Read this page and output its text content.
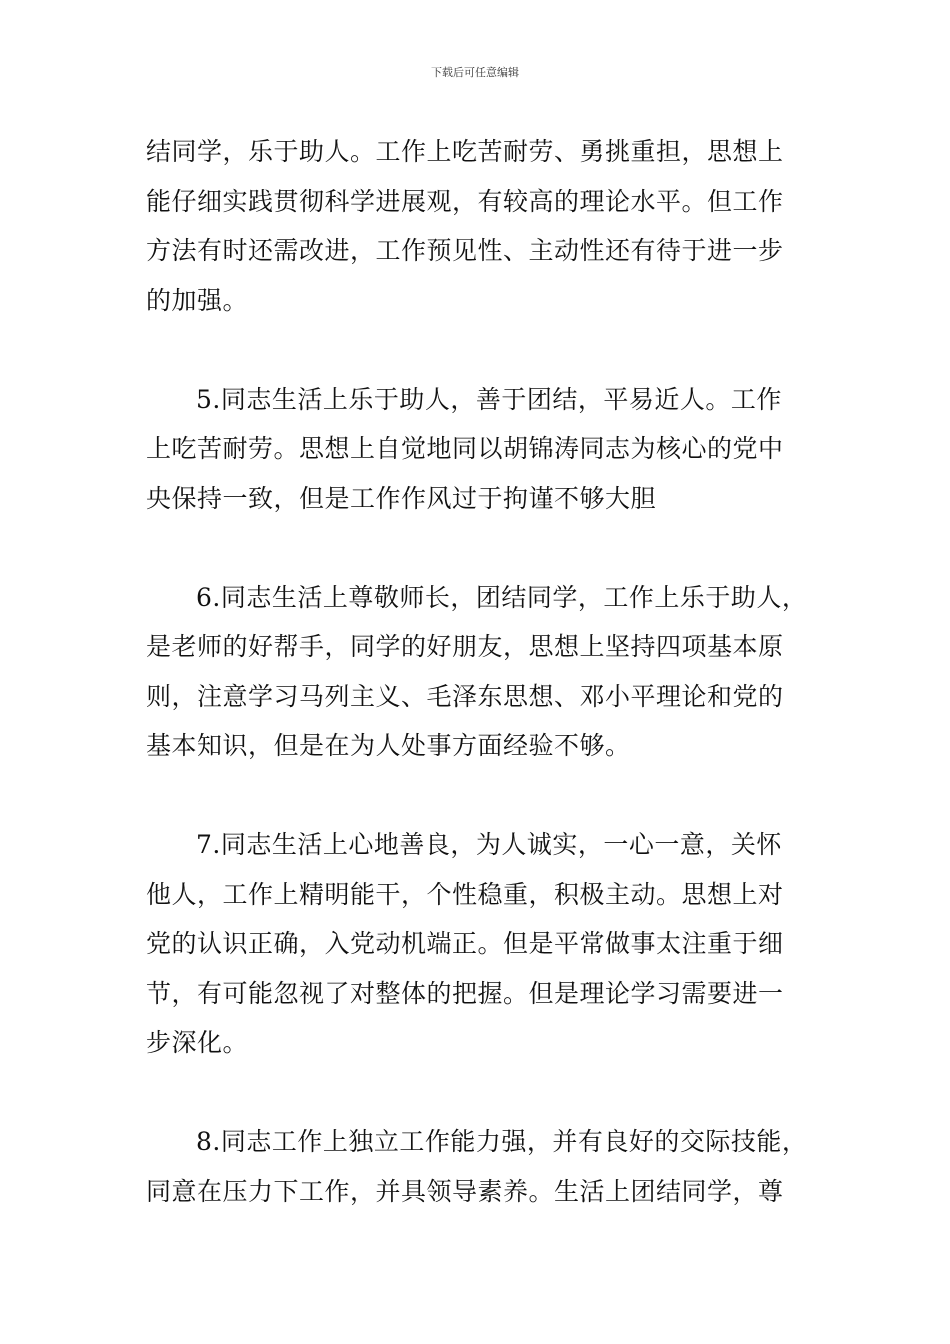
下载后可任意编辑
结同学，乐于助人。工作上吃苦耐劳、勇挑重担，思想上
能仔细实践贯彻科学进展观，有较高的理论水平。但工作
方法有时还需改进，工作预见性、主动性还有待于进一步
的加强。
5.同志生活上乐于助人，善于团结，平易近人。工作
上吃苦耐劳。思想上自觉地同以胡锦涛同志为核心的党中
央保持一致，但是工作作风过于拘谨不够大胆
6.同志生活上尊敬师长，团结同学，工作上乐于助人，
是老师的好帮手，同学的好朋友，思想上坚持四项基本原
则，注意学习马列主义、毛泽东思想、邓小平理论和党的
基本知识，但是在为人处事方面经验不够。
7.同志生活上心地善良，为人诚实，一心一意，关怀
他人，工作上精明能干，个性稳重，积极主动。思想上对
党的认识正确，入党动机端正。但是平常做事太注重于细
节，有可能忽视了对整体的把握。但是理论学习需要进一
步深化。
8.同志工作上独立工作能力强，并有良好的交际技能，
同意在压力下工作，并具领导素养。生活上团结同学，尊
